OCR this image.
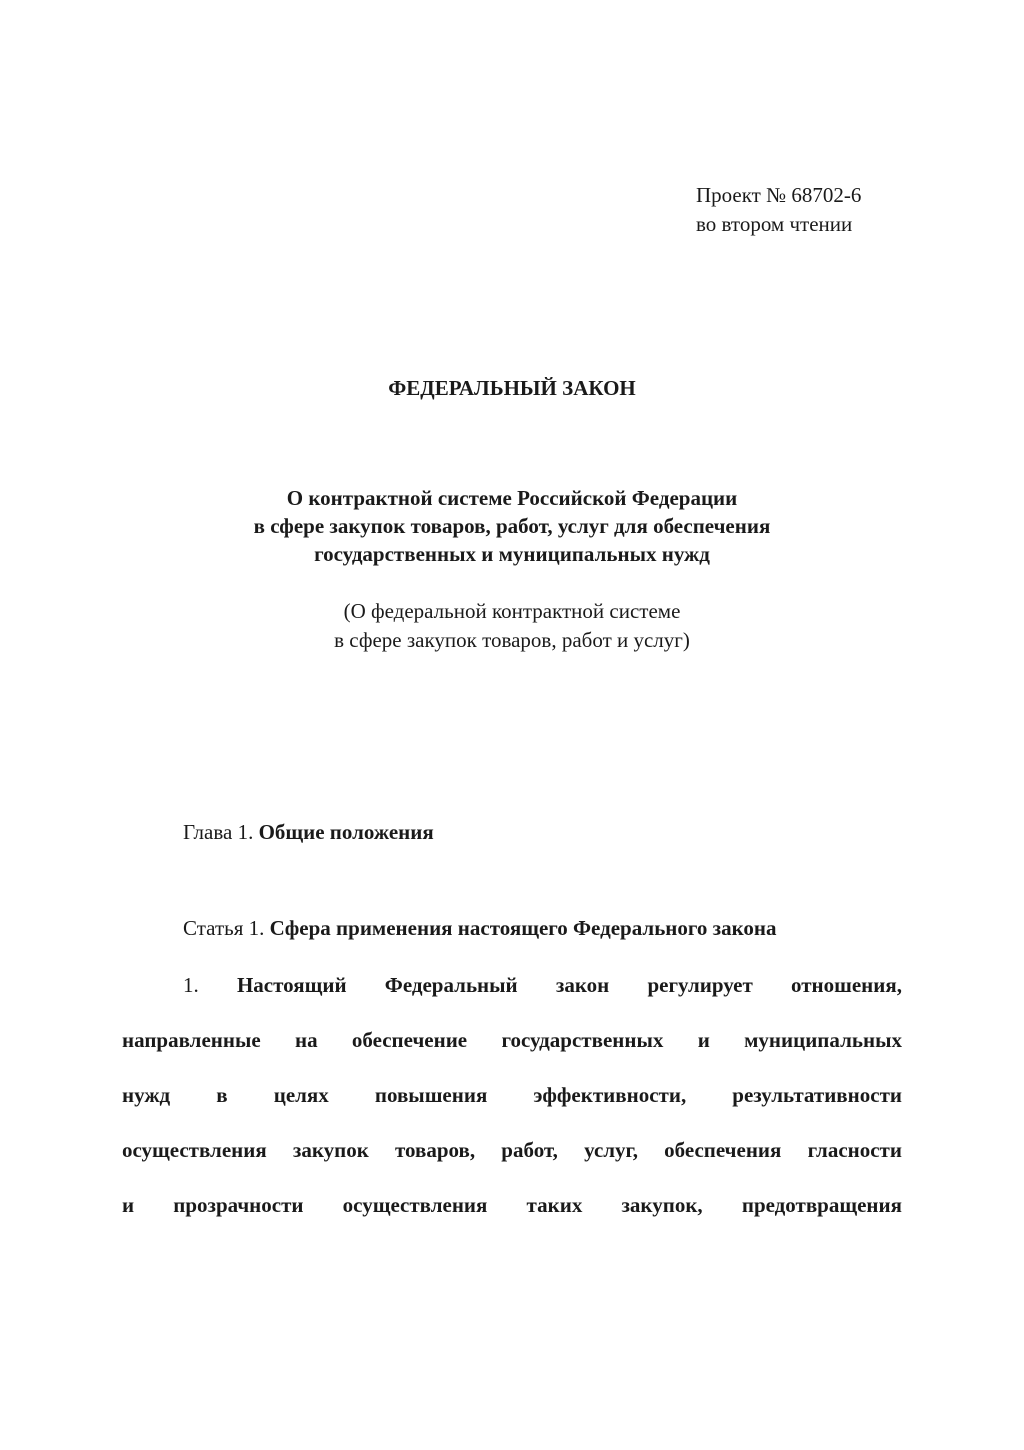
Проект № 68702-6
во втором чтении
ФЕДЕРАЛЬНЫЙ ЗАКОН
О контрактной системе Российской Федерации
в сфере закупок товаров, работ, услуг для обеспечения
государственных и муниципальных нужд
(О федеральной контрактной системе
в сфере закупок товаров, работ и услуг)
Глава 1. Общие положения
Статья 1. Сфера применения настоящего Федерального закона
1. Настоящий Федеральный закон регулирует отношения,
направленные на обеспечение государственных и муниципальных
нужд в целях повышения эффективности, результативности
осуществления закупок товаров, работ, услуг, обеспечения гласности
и прозрачности осуществления таких закупок, предотвращения
